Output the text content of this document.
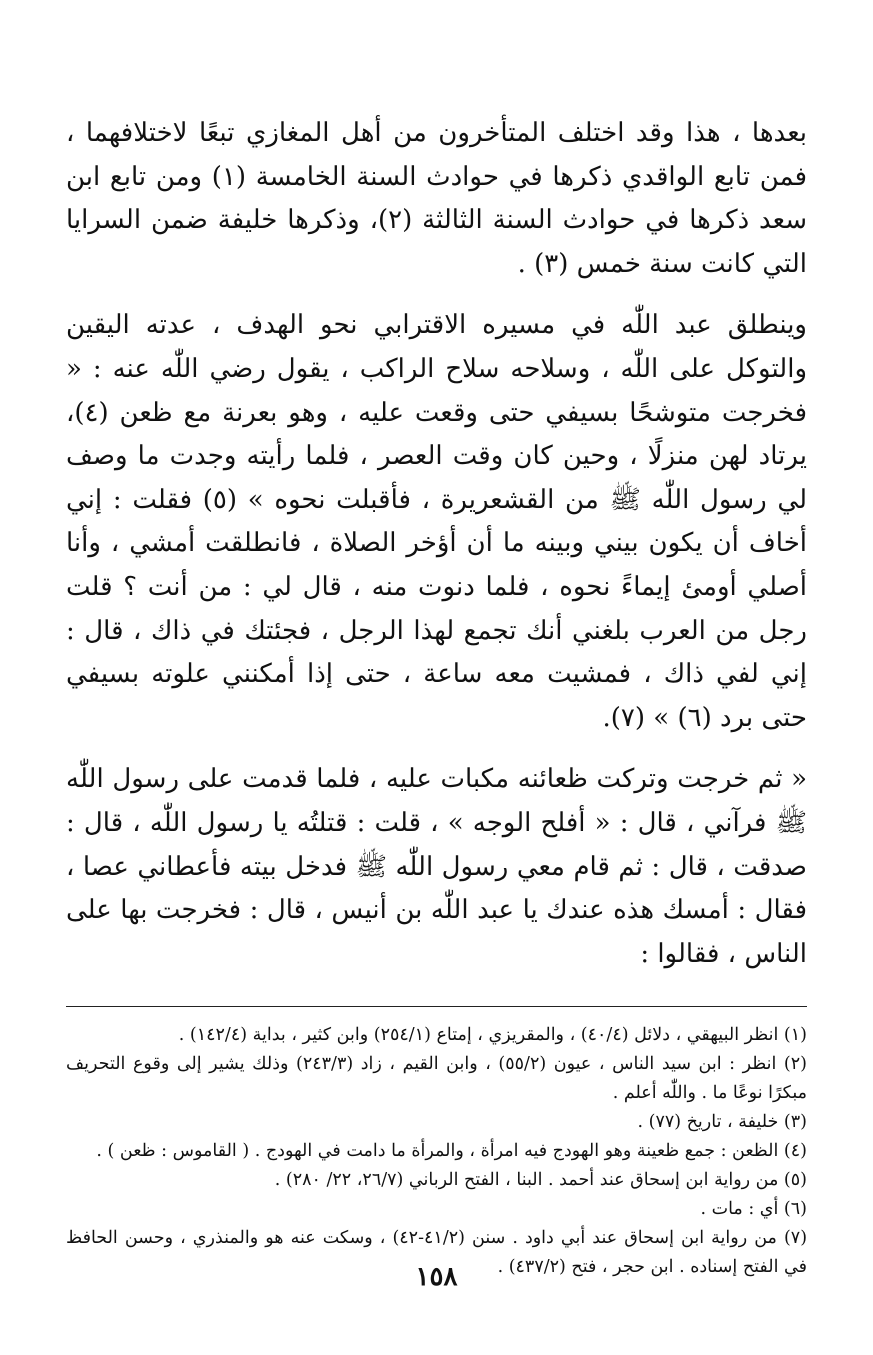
بعدها ، هذا وقد اختلف المتأخرون من أهل المغازي تبعًا لاختلافهما ، فمن تابع الواقدي ذكرها في حوادث السنة الخامسة (١) ومن تابع ابن سعد ذكرها في حوادث السنة الثالثة (٢)، وذكرها خليفة ضمن السرايا التي كانت سنة خمس (٣) .

وينطلق عبد اللّٰه في مسيره الاقترابي نحو الهدف ، عدته اليقين والتوكل على اللّٰه ، وسلاحه سلاح الراكب ، يقول رضي اللّٰه عنه : « فخرجت متوشحًا بسيفي حتى وقعت عليه ، وهو بعرنة مع ظعن (٤)، يرتاد لهن منزلًا ، وحين كان وقت العصر ، فلما رأيته وجدت ما وصف لي رسول اللّٰه ﷺ من القشعريرة ، فأقبلت نحوه » (٥) فقلت : إني أخاف أن يكون بيني وبينه ما أن أؤخر الصلاة ، فانطلقت أمشي ، وأنا أصلي أومئ إيماءً نحوه ، فلما دنوت منه ، قال لي : من أنت ؟ قلت رجل من العرب بلغني أنك تجمع لهذا الرجل ، فجئتك في ذاك ، قال : إني لفي ذاك ، فمشيت معه ساعة ، حتى إذا أمكنني علوته بسيفي حتى برد (٦) » (٧).

« ثم خرجت وتركت ظعائنه مكبات عليه ، فلما قدمت على رسول اللّٰه ﷺ فرآني ، قال : « أفلح الوجه » ، قلت : قتلتُه يا رسول اللّٰه ، قال : صدقت ، قال : ثم قام معي رسول اللّٰه ﷺ فدخل بيته فأعطاني عصا ، فقال : أمسك هذه عندك يا عبد اللّٰه بن أنيس ، قال : فخرجت بها على الناس ، فقالوا :

(١) انظر البيهقي ، دلائل (٤٠/٤) ، والمقريزي ، إمتاع (٢٥٤/١) وابن كثير ، بداية (١٤٢/٤) .

(٢) انظر : ابن سيد الناس ، عيون (٥٥/٢) ، وابن القيم ، زاد (٢٤٣/٣) وذلك يشير إلى وقوع التحريف مبكرًا نوعًا ما . واللّٰه أعلم .

(٣) خليفة ، تاريخ (٧٧) .

(٤) الظعن : جمع ظعينة وهو الهودج فيه امرأة ، والمرأة ما دامت في الهودج . ( القاموس : ظعن ) .

(٥) من رواية ابن إسحاق عند أحمد . البنا ، الفتح الرباني (٢٦/٧، ٢٢/ ٢٨٠) .

(٦) أي : مات .

(٧) من رواية ابن إسحاق عند أبي داود . سنن (٤١/٢-٤٢) ، وسكت عنه هو والمنذري ، وحسن الحافظ في الفتح إسناده . ابن حجر ، فتح (٤٣٧/٢) .

١٥٨
